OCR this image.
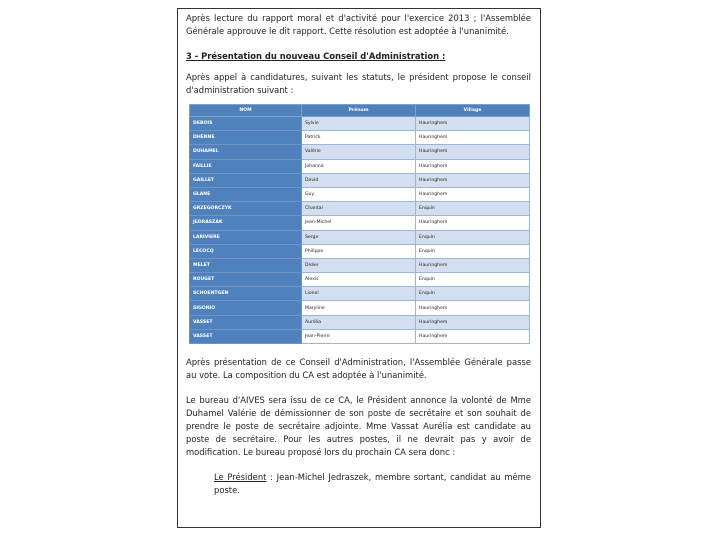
Après lecture du rapport moral et d'activité pour l'exercice 2013 ; l'Assemblée Générale approuve le dit rapport. Cette résolution est adoptée à l'unanimité.

3 - Présentation du nouveau Conseil d'Administration :

Après appel à candidatures, suivant les statuts, le président propose le conseil d'administration suivant :

NOM	Prénom	Village
DEBOIS	Sylvie	Hauringhem
DHENNE	Patrick	Hauringhem
DUHAMEL	Valérie	Hauringhem
FAILLIE	Johanna	Hauringhem
GAILLET	David	Hauringhem
GLANE	Guy	Hauringhem
GRZEGORCZYK	Chantal	Enquin
JEDRASZAK	Jean-Michel	Hauringhem
LARIVIERE	Serge	Enquin
LECOCQ	Philippe	Enquin
MELET	Didier	Hauringhem
ROUGET	Alexis	Enquin
SCHOENTGEN	Lionel	Enquin
SIGONIO	Maryline	Hauringhem
VASSET	Aurélia	Hauringhem
VASSET	Jean-Pierre	Hauringhem

Après présentation de ce Conseil d'Administration, l'Assemblée Générale passe au vote. La composition du CA est adoptée à l'unanimité.

Le bureau d'AIVES sera issu de ce CA, le Président annonce la volonté de Mme Duhamel Valérie de démissionner de son poste de secrétaire et son souhait de prendre le poste de secrétaire adjointe. Mme Vassat Aurélia est candidate au poste de secrétaire. Pour les autres postes, il ne devrait pas y avoir de modification. Le bureau proposé lors du prochain CA sera donc :

Le Président : Jean-Michel Jedraszek, membre sortant, candidat au même poste.
